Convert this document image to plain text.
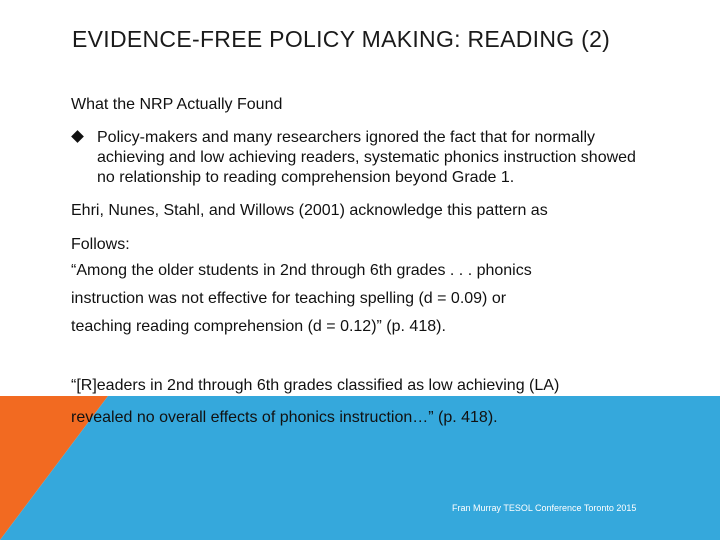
EVIDENCE-FREE POLICY MAKING: READING (2)
What the NRP Actually Found
Policy-makers and many researchers ignored the fact that for normally achieving and low achieving readers, systematic phonics instruction showed no relationship to reading comprehension beyond Grade 1.
Ehri, Nunes, Stahl, and Willows (2001) acknowledge this pattern as
Follows:
“Among the older students in 2nd through 6th grades . . . phonics
instruction was not effective for teaching spelling (d = 0.09) or
teaching reading comprehension (d = 0.12)” (p. 418).
“[R]eaders in 2nd through 6th grades classified as low achieving (LA)
revealed no overall effects of phonics instruction…” (p. 418).
Fran Murray TESOL Conference Toronto 2015
